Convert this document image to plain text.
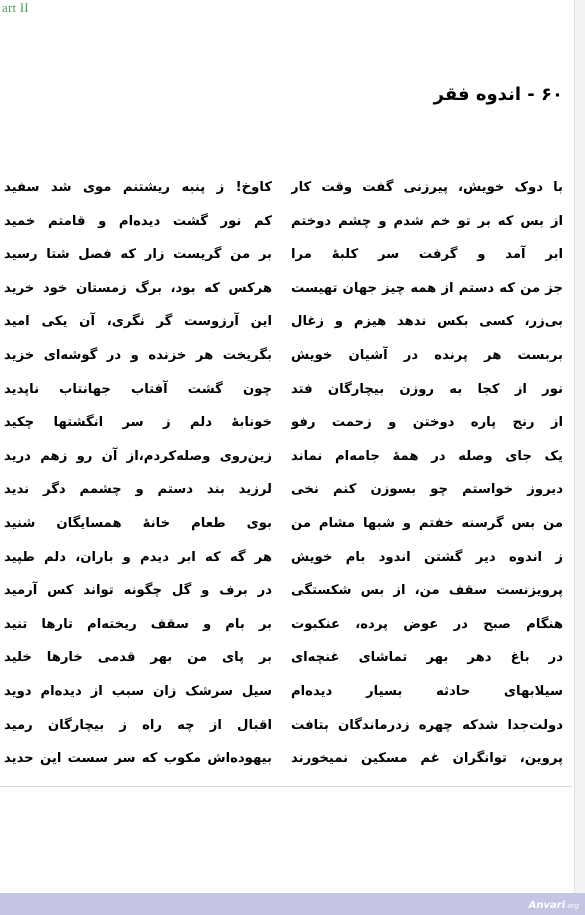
art II
۶۰ - اندوه فقر
با دوک خویش، پیرزنی گفت وقت کار
از بس که بر تو خم شدم و چشم دوختم
ابر آمد و گرفت سر کلبهٔ مرا
جز من که دستم از همه چیز جهان تهیست
بی‌زر، کسی بکس ندهد هیزم و زغال
بربست هر پرنده در آشیان خویش
نور از کجا به روزن بیچارگان فتد
از رنج پاره دوختن و زحمت رفو
یک جای وصله در همهٔ جامه‌ام نماند
دیروز خواستم چو بسوزن کنم نخی
من بس گرسنه خفتم و شبها مشام من
ز اندوه دیر گشتن اندود بام خویش
پرویزنست سقف من، از بس شکستگی
هنگام صبح در عوض پرده، عنکبوت
در باغ دهر بهر تماشای غنچه‌ای
سیلابهای حادثه بسیار دیده‌ام
دولت‌جدا شدکه چهره زدرماندگان بتافت
پروین، توانگران غم مسکین نمیخورند
کاوخ! ز پنبه ریشتنم موی شد سفید
کم نور گشت دیده‌ام و قامتم خمید
بر من گریست زار که فصل شتا رسید
هرکس که بود، برگ زمستان خود خرید
این آرزوست گر نگری، آن یکی امید
بگریخت هر خزنده و در گوشه‌ای خزید
چون گشت آفتاب جهانتاب ناپدید
خونابهٔ دلم ز سر انگشتها چکید
زین‌روی وصله‌کردم،از آن رو زهم درید
لرزید بند دستم و چشمم دگر ندید
بوی طعام خانهٔ همسایگان شنید
هر گه که ابر دیدم و باران، دلم طپید
در برف و گل چگونه تواند کس آرمید
بر بام و سقف ریخته‌ام تارها تنید
بر پای من بهر قدمی خارها خلید
سیل سرشک زان سبب از دیده‌ام دوید
اقبال از چه راه ز بیچارگان رمید
بیهوده‌اش مکوب که سر سست این حدید
Anvari.org
